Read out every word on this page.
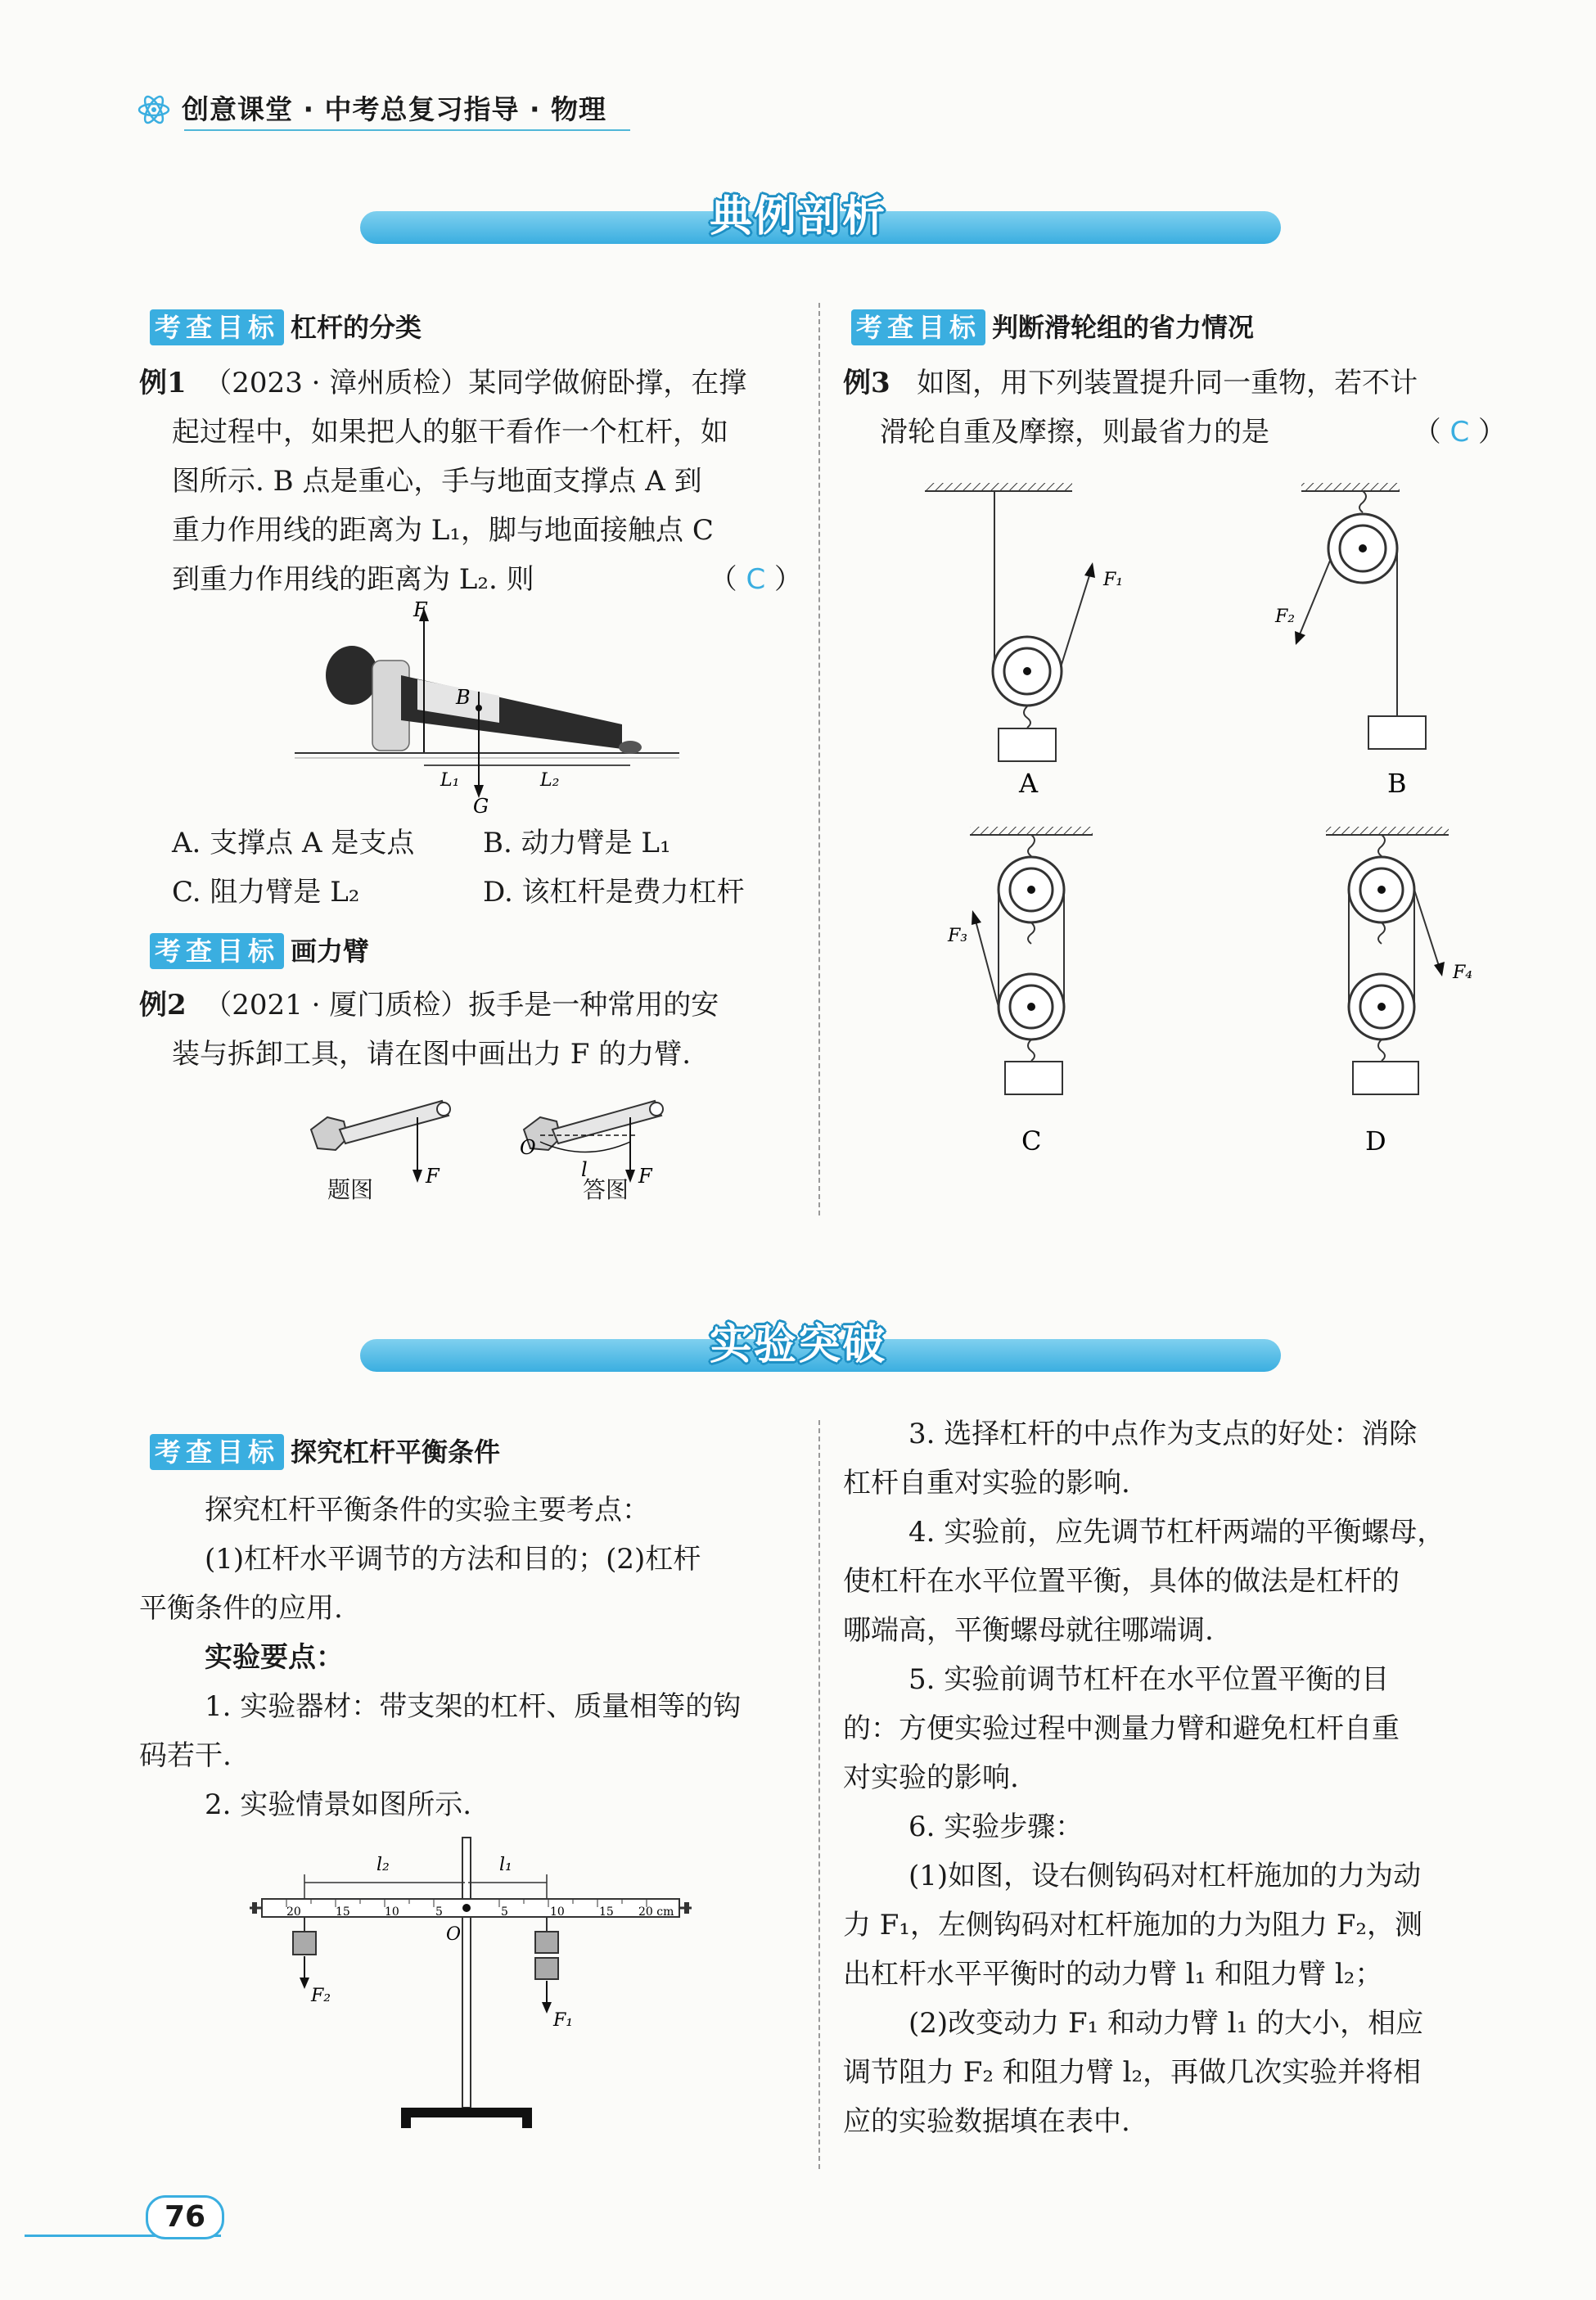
创意课堂 · 中考总复习指导 · 物理
典例剖析
考查目标 杠杆的分类
例1 （2023 · 漳州质检）某同学做俯卧撑，在撑
起过程中，如果把人的躯干看作一个杠杆，如
图所示. B 点是重心，手与地面支撑点 A 到
重力作用线的距离为 L₁，脚与地面接触点 C
到重力作用线的距离为 L₂. 则	（ C ）
F
B
G
L₁	L₂
A. 支撑点 A 是支点 B. 动力臂是 L₁
C. 阻力臂是 L₂	D. 该杠杆是费力杠杆
考查目标 画力臂
例2 （2021 · 厦门质检）扳手是一种常用的安
装与拆卸工具，请在图中画出力 F 的力臂.
F
O
l	F
题图	答图
考查目标 判断滑轮组的省力情况
例3 如图，用下列装置提升同一重物，若不计
滑轮自重及摩擦，则最省力的是	（ C ）
F₁
A
F₂
B
F₃
C
F₄
D
实验突破
考查目标 探究杠杆平衡条件
探究杠杆平衡条件的实验主要考点：
(1)杠杆水平调节的方法和目的；(2)杠杆
平衡条件的应用.
实验要点：
1. 实验器材：带支架的杠杆、质量相等的钩
码若干.
2. 实验情景如图所示.
20	15	10	5	5	10	15 20 cm
O
l₂	l₁
F₂
F₁
3. 选择杠杆的中点作为支点的好处：消除
杠杆自重对实验的影响.
4. 实验前，应先调节杠杆两端的平衡螺母，
使杠杆在水平位置平衡，具体的做法是杠杆的
哪端高，平衡螺母就往哪端调.
5. 实验前调节杠杆在水平位置平衡的目
的：方便实验过程中测量力臂和避免杠杆自重
对实验的影响.
6. 实验步骤：
(1)如图，设右侧钩码对杠杆施加的力为动
力 F₁，左侧钩码对杠杆施加的力为阻力 F₂，测
出杠杆水平平衡时的动力臂 l₁ 和阻力臂 l₂；
(2)改变动力 F₁ 和动力臂 l₁ 的大小，相应
调节阻力 F₂ 和阻力臂 l₂，再做几次实验并将相
应的实验数据填在表中.
76
